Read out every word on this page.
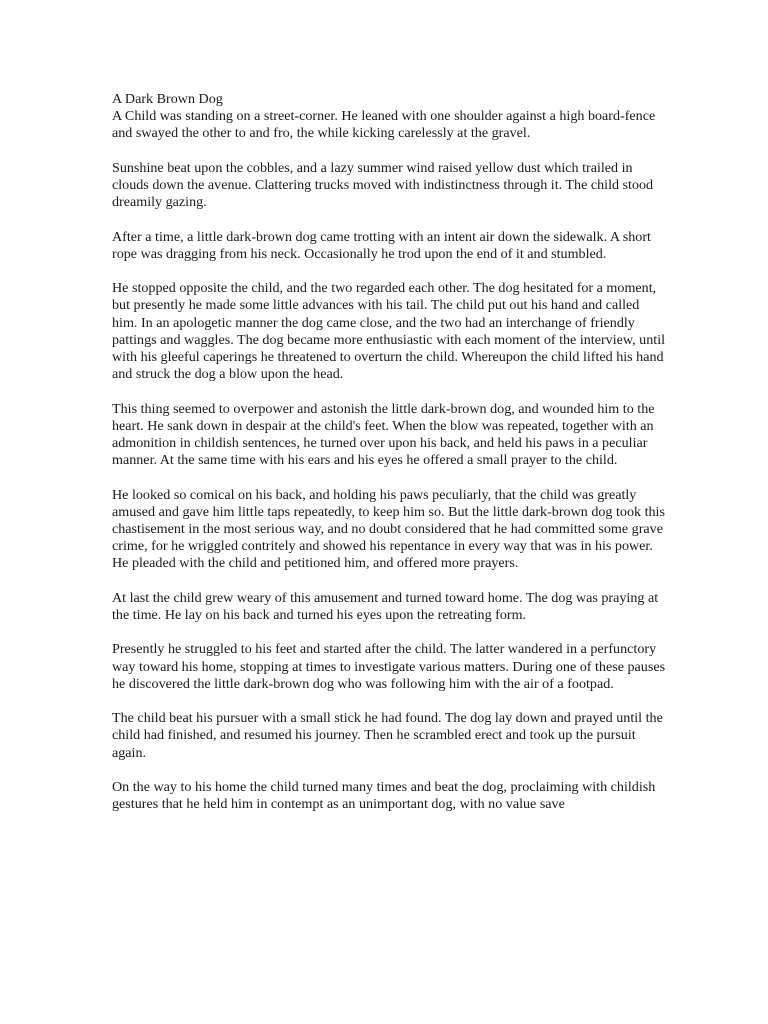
A Dark Brown Dog

A Child was standing on a street-corner. He leaned with one shoulder against a high board-fence and swayed the other to and fro, the while kicking carelessly at the gravel.

Sunshine beat upon the cobbles, and a lazy summer wind raised yellow dust which trailed in clouds down the avenue. Clattering trucks moved with indistinctness through it. The child stood dreamily gazing.

After a time, a little dark-brown dog came trotting with an intent air down the sidewalk. A short rope was dragging from his neck. Occasionally he trod upon the end of it and stumbled.

He stopped opposite the child, and the two regarded each other. The dog hesitated for a moment, but presently he made some little advances with his tail. The child put out his hand and called him. In an apologetic manner the dog came close, and the two had an interchange of friendly pattings and waggles. The dog became more enthusiastic with each moment of the interview, until with his gleeful caperings he threatened to overturn the child. Whereupon the child lifted his hand and struck the dog a blow upon the head.

This thing seemed to overpower and astonish the little dark-brown dog, and wounded him to the heart. He sank down in despair at the child's feet. When the blow was repeated, together with an admonition in childish sentences, he turned over upon his back, and held his paws in a peculiar manner. At the same time with his ears and his eyes he offered a small prayer to the child.

He looked so comical on his back, and holding his paws peculiarly, that the child was greatly amused and gave him little taps repeatedly, to keep him so. But the little dark-brown dog took this chastisement in the most serious way, and no doubt considered that he had committed some grave crime, for he wriggled contritely and showed his repentance in every way that was in his power. He pleaded with the child and petitioned him, and offered more prayers.

At last the child grew weary of this amusement and turned toward home. The dog was praying at the time. He lay on his back and turned his eyes upon the retreating form.

Presently he struggled to his feet and started after the child. The latter wandered in a perfunctory way toward his home, stopping at times to investigate various matters. During one of these pauses he discovered the little dark-brown dog who was following him with the air of a footpad.

The child beat his pursuer with a small stick he had found. The dog lay down and prayed until the child had finished, and resumed his journey. Then he scrambled erect and took up the pursuit again.

On the way to his home the child turned many times and beat the dog, proclaiming with childish gestures that he held him in contempt as an unimportant dog, with no value save
